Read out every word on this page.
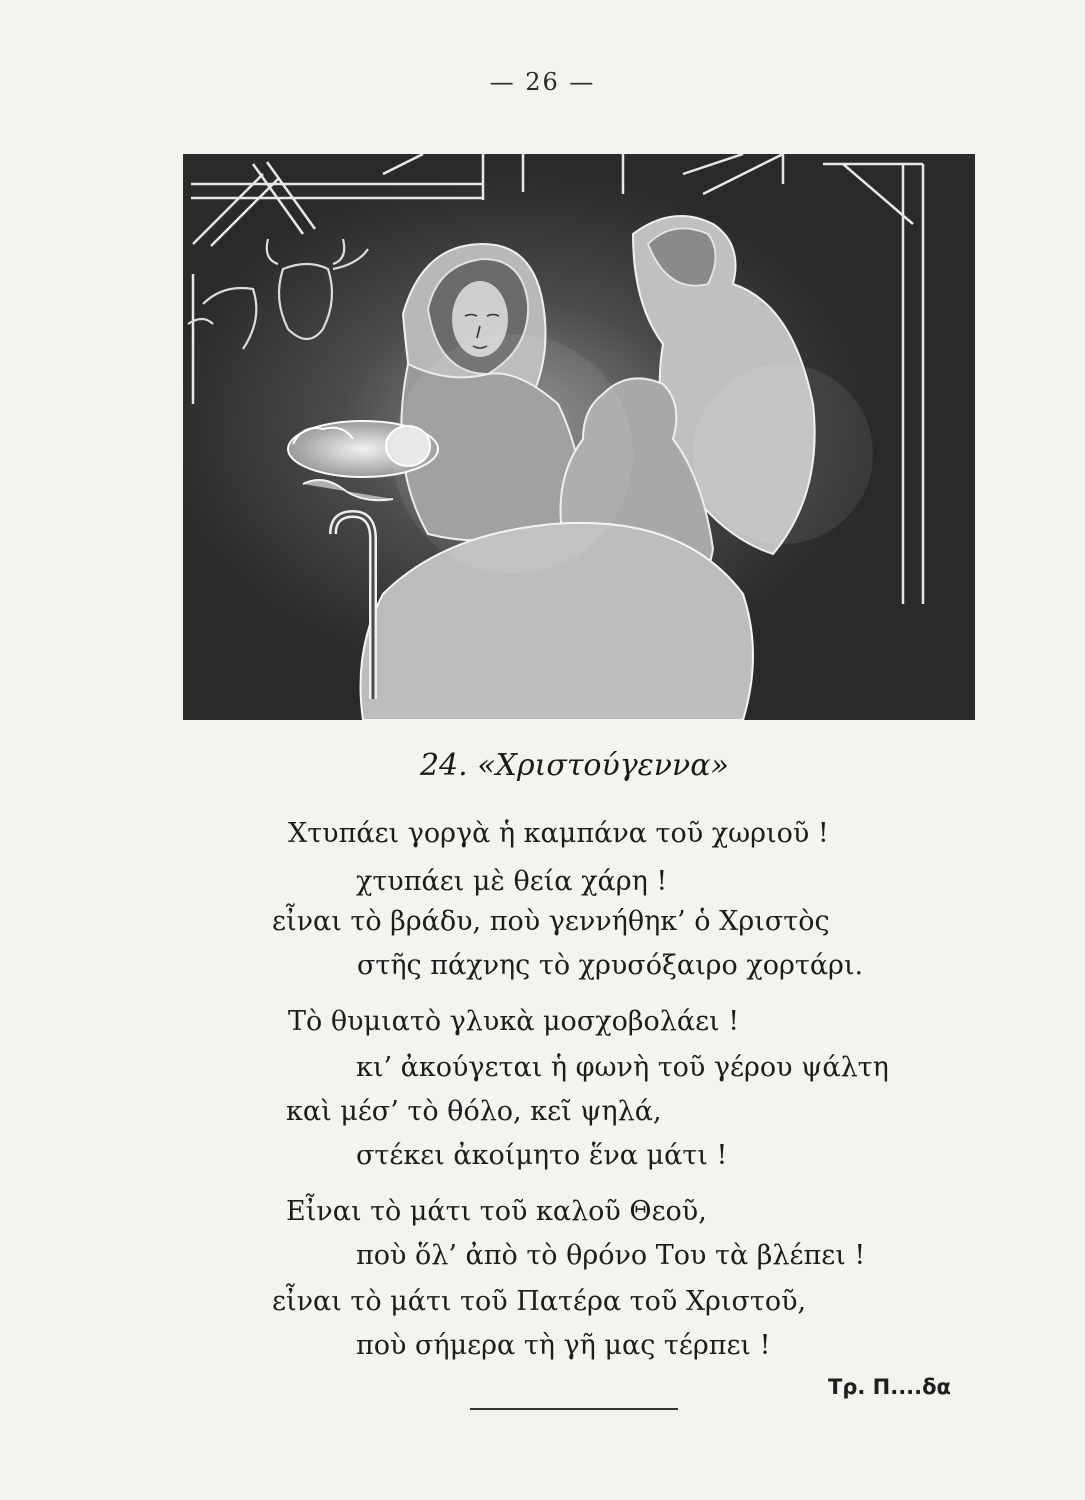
— 26 —
24. «Χριστούγεννα»
Χτυπάει γοργὰ ἡ καμπάνα τοῦ χωριοῦ !
χτυπάει μὲ θεία χάρη !
εἶναι τὸ βράδυ, ποὺ γεννήθηκ’ ὁ Χριστὸς
στῆς πάχνης τὸ χρυσόξαιρο χορτάρι.
Τὸ θυμιατὸ γλυκὰ μοσχοβολάει !
κι’ ἀκούγεται ἡ φωνὴ τοῦ γέρου ψάλτη
καὶ μέσ’ τὸ θόλο, κεῖ ψηλά,
στέκει ἀκοίμητο ἕνα μάτι !
Εἶναι τὸ μάτι τοῦ καλοῦ Θεοῦ,
ποὺ ὅλ’ ἀπὸ τὸ θρόνο Του τὰ βλέπει !
εἶναι τὸ μάτι τοῦ Πατέρα τοῦ Χριστοῦ,
ποὺ σήμερα τὴ γῆ μας τέρπει !
Τρ. Π....δα
